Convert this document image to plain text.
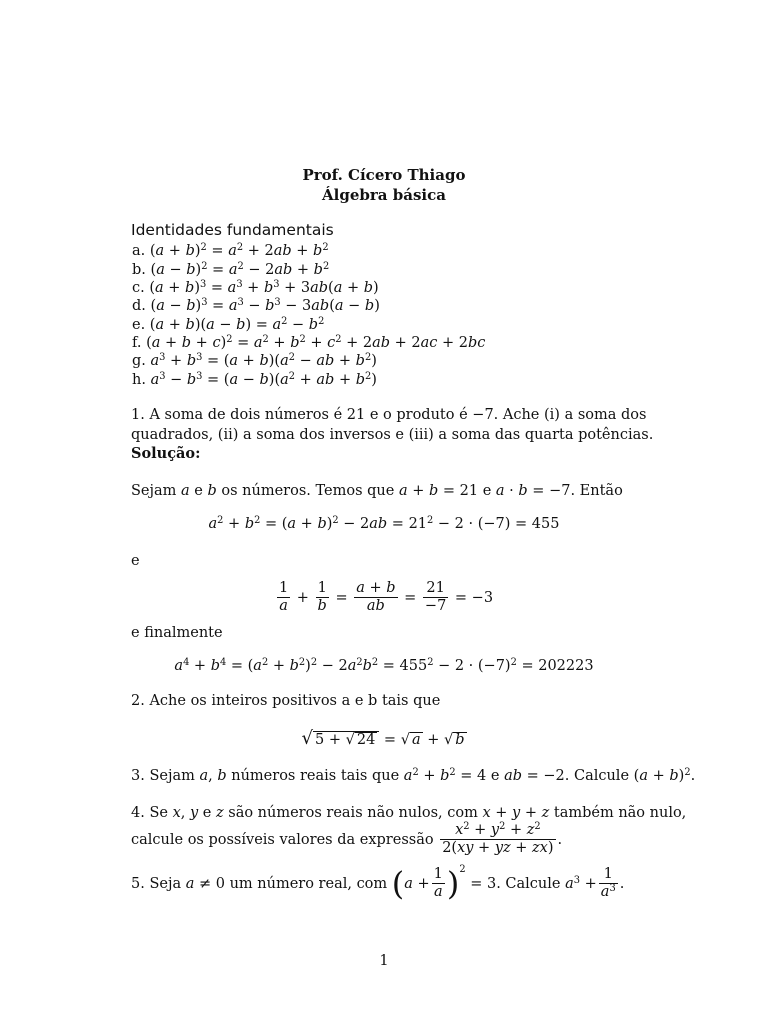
Prof. Cícero Thiago
Álgebra básica
Identidades fundamentais
a. $(a + b)^2 = a^2 + 2ab + b^2$
b. $(a - b)^2 = a^2 - 2ab + b^2$
c. $(a + b)^3 = a^3 + b^3 + 3ab(a + b)$
d. $(a - b)^3 = a^3 - b^3 - 3ab(a - b)$
e. $(a + b)(a - b) = a^2 - b^2$
f. $(a + b + c)^2 = a^2 + b^2 + c^2 + 2ab + 2ac + 2bc$
g. $a^3 + b^3 = (a + b)(a^2$ − ab + $b^2$)
h. $a^3 - b^3 = (a - b)(a^2$ + ab + $b^2$)
1. A soma de dois números é 21 e o produto é −7. Ache (i) a soma dos
quadrados, (ii) a soma dos inversos e (iii) a soma das quarta potências.
Solução:
Sejam a e b os números. Temos que a + b = 21 e a · b = −7. Então
$a^2 + b^2 = (a + b)^2 - 2ab = 21^2 - 2 \cdot (-7) = 455$
e
$\frac{1}{a} + \frac{1}{b} = \frac{a + b}{ab} = \frac{21}{-7} = -3$
e finalmente
$a^4 + b^4 = (a^2 + b^2)^2 - 2a^2b^2 = 455^2 - 2 \cdot (-7)^2 = 202223$
2. Ache os inteiros positivos a e b tais que
√ 5 + √ 24 = √ a + √ b
3. Sejam a, b números reais tais que $a^2 + b^2 = 4$ e ab = −2. Calcule $(a + b)^2$.
4. Se x, y e z são números reais não nulos, com x + y + z também não nulo,
calcule os possíveis valores da expressão $\frac{x^2 + y^2 + z^2}{2(xy + yz + zx)}$ .
5. Seja a ≠ 0 um número real, com $(a + \frac{1}{a} )^2 = 3$. Calcule $a^3 + \frac{1}{a^3}$ .
1
